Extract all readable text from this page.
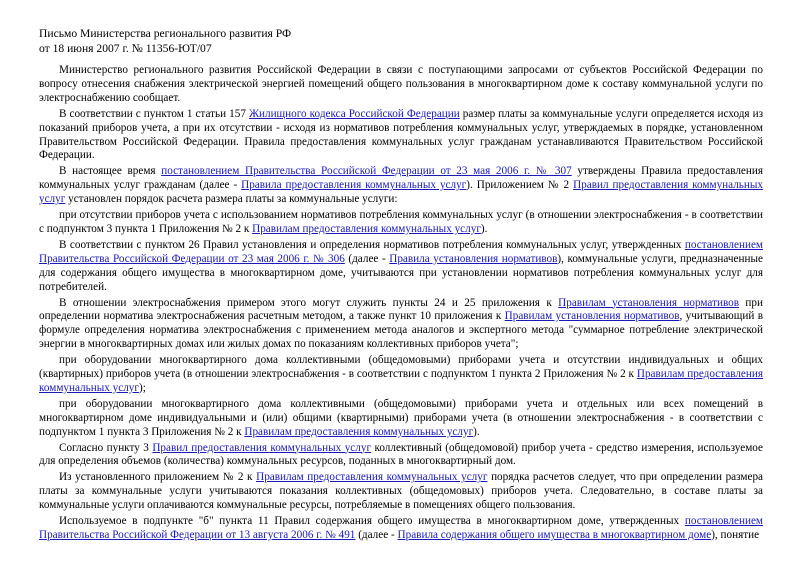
Письмо Министерства регионального развития РФ
от 18 июня 2007 г. № 11356-ЮТ/07

Министерство регионального развития Российской Федерации в связи с поступающими запросами от субъектов Российской Федерации по вопросу отнесения снабжения электрической энергией помещений общего пользования в многоквартирном доме к составу коммунальной услуги по электроснабжению сообщает.

В соответствии с пунктом 1 статьи 157 Жилищного кодекса Российской Федерации размер платы за коммунальные услуги определяется исходя из показаний приборов учета, а при их отсутствии - исходя из нормативов потребления коммунальных услуг, утверждаемых в порядке, установленном Правительством Российской Федерации. Правила предоставления коммунальных услуг гражданам устанавливаются Правительством Российской Федерации.

В настоящее время постановлением Правительства Российской Федерации от 23 мая 2006 г. № 307 утверждены Правила предоставления коммунальных услуг гражданам (далее - Правила предоставления коммунальных услуг). Приложением № 2 Правил предоставления коммунальных услуг установлен порядок расчета размера платы за коммунальные услуги:

при отсутствии приборов учета с использованием нормативов потребления коммунальных услуг (в отношении электроснабжения - в соответствии с подпунктом 3 пункта 1 Приложения № 2 к Правилам предоставления коммунальных услуг).

В соответствии с пунктом 26 Правил установления и определения нормативов потребления коммунальных услуг, утвержденных постановлением Правительства Российской Федерации от 23 мая 2006 г. № 306 (далее - Правила установления нормативов), коммунальные услуги, предназначенные для содержания общего имущества в многоквартирном доме, учитываются при установлении нормативов потребления коммунальных услуг для потребителей.

В отношении электроснабжения примером этого могут служить пункты 24 и 25 приложения к Правилам установления нормативов при определении норматива электроснабжения расчетным методом, а также пункт 10 приложения к Правилам установления нормативов, учитывающий в формуле определения норматива электроснабжения с применением метода аналогов и экспертного метода "суммарное потребление электрической энергии в многоквартирных домах или жилых домах по показаниям коллективных приборов учета";

при оборудовании многоквартирного дома коллективными (общедомовыми) приборами учета и отсутствии индивидуальных и общих (квартирных) приборов учета (в отношении электроснабжения - в соответствии с подпунктом 1 пункта 2 Приложения № 2 к Правилам предоставления коммунальных услуг);

при оборудовании многоквартирного дома коллективными (общедомовыми) приборами учета и отдельных или всех помещений в многоквартирном доме индивидуальными и (или) общими (квартирными) приборами учета (в отношении электроснабжения - в соответствии с подпунктом 1 пункта 3 Приложения № 2 к Правилам предоставления коммунальных услуг).

Согласно пункту 3 Правил предоставления коммунальных услуг коллективный (общедомовой) прибор учета - средство измерения, используемое для определения объемов (количества) коммунальных ресурсов, поданных в многоквартирный дом.

Из установленного приложением № 2 к Правилам предоставления коммунальных услуг порядка расчетов следует, что при определении размера платы за коммунальные услуги учитываются показания коллективных (общедомовых) приборов учета. Следовательно, в составе платы за коммунальные услуги оплачиваются коммунальные ресурсы, потребляемые в помещениях общего пользования.

Используемое в подпункте "б" пункта 11 Правил содержания общего имущества в многоквартирном доме, утвержденных постановлением Правительства Российской Федерации от 13 августа 2006 г. № 491 (далее - Правила содержания общего имущества в многоквартирном доме), понятие
